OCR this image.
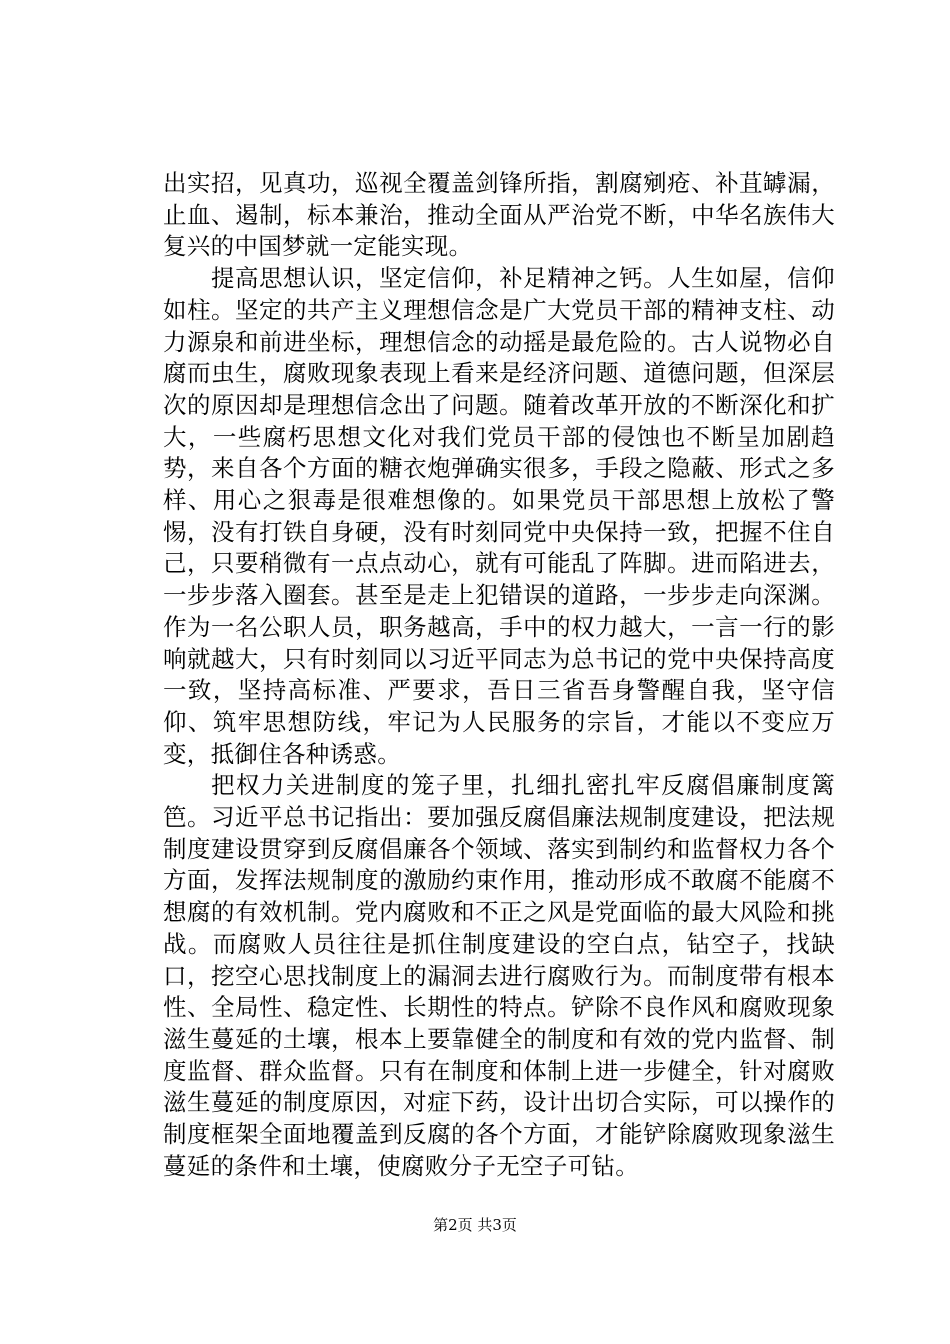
出实招，见真功，巡视全覆盖剑锋所指，割腐剜疮、补苴罅漏，止血、遏制，标本兼治，推动全面从严治党不断，中华名族伟大复兴的中国梦就一定能实现。

提高思想认识，坚定信仰，补足精神之钙。人生如屋，信仰如柱。坚定的共产主义理想信念是广大党员干部的精神支柱、动力源泉和前进坐标，理想信念的动摇是最危险的。古人说物必自腐而虫生，腐败现象表现上看来是经济问题、道德问题，但深层次的原因却是理想信念出了问题。随着改革开放的不断深化和扩大，一些腐朽思想文化对我们党员干部的侵蚀也不断呈加剧趋势，来自各个方面的糖衣炮弹确实很多，手段之隐蔽、形式之多样、用心之狠毒是很难想像的。如果党员干部思想上放松了警惕，没有打铁自身硬，没有时刻同党中央保持一致，把握不住自己，只要稍微有一点点动心，就有可能乱了阵脚。进而陷进去，一步步落入圈套。甚至是走上犯错误的道路，一步步走向深渊。作为一名公职人员，职务越高，手中的权力越大，一言一行的影响就越大，只有时刻同以习近平同志为总书记的党中央保持高度一致，坚持高标准、严要求，吾日三省吾身警醒自我，坚守信仰、筑牢思想防线，牢记为人民服务的宗旨，才能以不变应万变，抵御住各种诱惑。

把权力关进制度的笼子里，扎细扎密扎牢反腐倡廉制度篱笆。习近平总书记指出：要加强反腐倡廉法规制度建设，把法规制度建设贯穿到反腐倡廉各个领域、落实到制约和监督权力各个方面，发挥法规制度的激励约束作用，推动形成不敢腐不能腐不想腐的有效机制。党内腐败和不正之风是党面临的最大风险和挑战。而腐败人员往往是抓住制度建设的空白点，钻空子，找缺口，挖空心思找制度上的漏洞去进行腐败行为。而制度带有根本性、全局性、稳定性、长期性的特点。铲除不良作风和腐败现象滋生蔓延的土壤，根本上要靠健全的制度和有效的党内监督、制度监督、群众监督。只有在制度和体制上进一步健全，针对腐败滋生蔓延的制度原因，对症下药，设计出切合实际，可以操作的制度框架全面地覆盖到反腐的各个方面，才能铲除腐败现象滋生蔓延的条件和土壤，使腐败分子无空子可钻。

第2页 共3页
